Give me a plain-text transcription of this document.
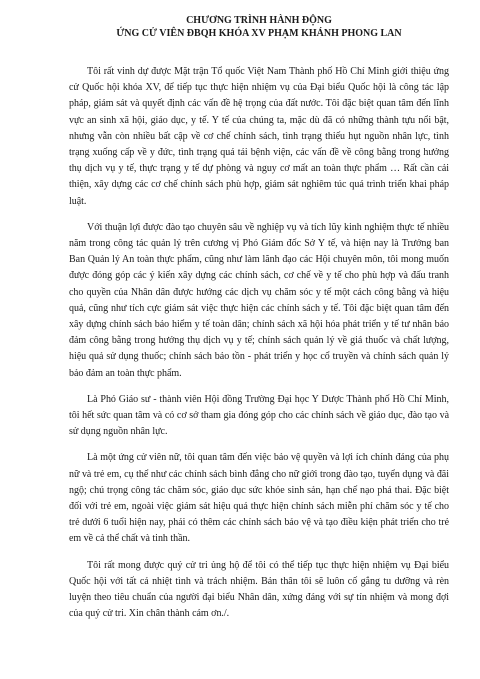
CHƯƠNG TRÌNH HÀNH ĐỘNG

ỨNG CỬ VIÊN ĐBQH KHÓA XV PHẠM KHÁNH PHONG LAN

Tôi rất vinh dự được Mặt trận Tổ quốc Việt Nam Thành phố Hồ Chí Minh giới thiệu ứng cử Quốc hội khóa XV, để tiếp tục thực hiện nhiệm vụ của Đại biểu Quốc hội là công tác lập pháp, giám sát và quyết định các vấn đề hệ trọng của đất nước. Tôi đặc biệt quan tâm đến lĩnh vực an sinh xã hội, giáo dục, y tế. Y tế của chúng ta, mặc dù đã có những thành tựu nổi bật, nhưng vẫn còn nhiều bất cập về cơ chế chính sách, tình trạng thiếu hụt nguồn nhân lực, tình trạng xuống cấp về y đức, tình trạng quá tải bệnh viện, các vấn đề về công bằng trong hưởng thụ dịch vụ y tế, thực trạng y tế dự phòng và nguy cơ mất an toàn thực phẩm … Rất cần cải thiện, xây dựng các cơ chế chính sách phù hợp, giám sát nghiêm túc quá trình triển khai pháp luật.

Với thuận lợi được đào tạo chuyên sâu về nghiệp vụ và tích lũy kinh nghiệm thực tế nhiều năm trong công tác quản lý trên cương vị Phó Giám đốc Sở Y tế, và hiện nay là Trưởng ban Ban Quản lý An toàn thực phẩm, cũng như làm lãnh đạo các Hội chuyên môn, tôi mong muốn được đóng góp các ý kiến xây dựng các chính sách, cơ chế về y tế cho phù hợp và đấu tranh cho quyền của Nhân dân được hướng các dịch vụ chăm sóc y tế một cách công bằng và hiệu quả, cũng như tích cực giám sát việc thực hiện các chính sách y tế. Tôi đặc biệt quan tâm đến xây dựng chính sách bảo hiểm y tế toàn dân; chính sách xã hội hóa phát triển y tế tư nhân bảo đảm công bằng trong hưởng thụ dịch vụ y tế; chính sách quản lý về giá thuốc và chất lượng, hiệu quả sử dụng thuốc; chính sách bảo tồn - phát triển y học cổ truyền và chính sách quản lý bảo đảm an toàn thực phẩm.

Là Phó Giáo sư - thành viên Hội đồng Trường Đại học Y Dược Thành phố Hồ Chí Minh, tôi hết sức quan tâm và có cơ sở tham gia đóng góp cho các chính sách về giáo dục, đào tạo và sử dụng nguồn nhân lực.

Là một ứng cử viên nữ, tôi quan tâm đến việc bảo vệ quyền và lợi ích chính đáng của phụ nữ và trẻ em, cụ thể như các chính sách bình đẳng cho nữ giới trong đào tạo, tuyển dụng và đãi ngộ; chú trọng công tác chăm sóc, giáo dục sức khỏe sinh sản, hạn chế nạo phá thai. Đặc biệt đối với trẻ em, ngoài việc giám sát hiệu quả thực hiện chính sách miễn phí chăm sóc y tế cho trẻ dưới 6 tuổi hiện nay, phải có thêm các chính sách bảo vệ và tạo điều kiện phát triển cho trẻ em về cả thể chất và tinh thần.

Tôi rất mong được quý cử tri ủng hộ để tôi có thể tiếp tục thực hiện nhiệm vụ Đại biểu Quốc hội với tất cả nhiệt tình và trách nhiệm. Bản thân tôi sẽ luôn cố gắng tu dưỡng và rèn luyện theo tiêu chuẩn của người đại biểu Nhân dân, xứng đáng với sự tín nhiệm và mong đợi của quý cử tri. Xin chân thành cám ơn./.
